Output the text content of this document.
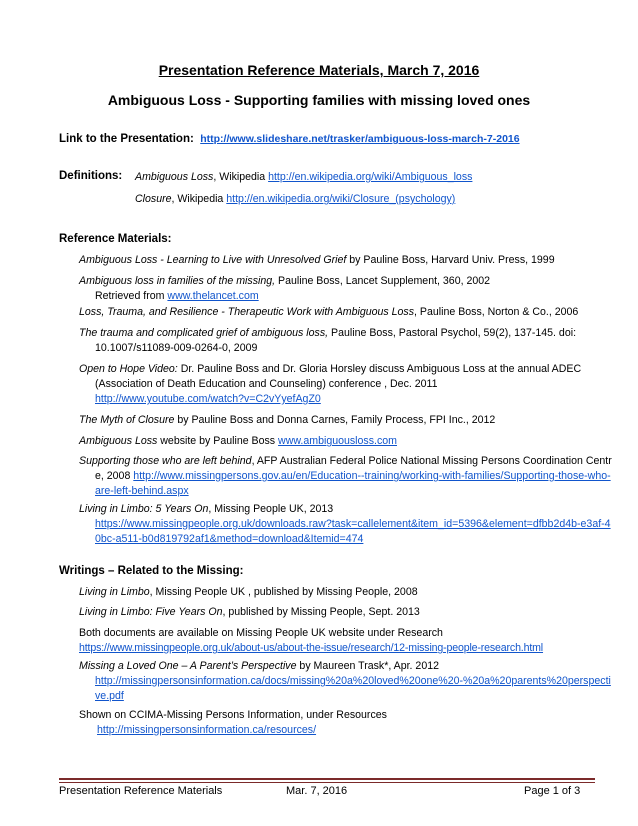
Presentation Reference Materials, March 7, 2016
Ambiguous Loss - Supporting families with missing loved ones
Link to the Presentation: http://www.slideshare.net/trasker/ambiguous-loss-march-7-2016
Definitions: Ambiguous Loss, Wikipedia http://en.wikipedia.org/wiki/Ambiguous_loss
Closure, Wikipedia http://en.wikipedia.org/wiki/Closure_(psychology)
Reference Materials:
Ambiguous Loss - Learning to Live with Unresolved Grief by Pauline Boss, Harvard Univ. Press, 1999
Ambiguous loss in families of the missing, Pauline Boss, Lancet Supplement, 360, 2002
Retrieved from www.thelancet.com
Loss, Trauma, and Resilience - Therapeutic Work with Ambiguous Loss, Pauline Boss, Norton & Co., 2006
The trauma and complicated grief of ambiguous loss, Pauline Boss, Pastoral Psychol, 59(2), 137-145. doi: 10.1007/s11089-009-0264-0, 2009
Open to Hope Video: Dr. Pauline Boss and Dr. Gloria Horsley discuss Ambiguous Loss at the annual ADEC (Association of Death Education and Counseling) conference , Dec. 2011
http://www.youtube.com/watch?v=C2vYyefAgZ0
The Myth of Closure by Pauline Boss and Donna Carnes, Family Process, FPI Inc., 2012
Ambiguous Loss website by Pauline Boss www.ambiguousloss.com
Supporting those who are left behind, AFP Australian Federal Police National Missing Persons Coordination Centre, 2008 http://www.missingpersons.gov.au/en/Education--training/working-with-families/Supporting-those-who-are-left-behind.aspx
Living in Limbo: 5 Years On, Missing People UK, 2013
https://www.missingpeople.org.uk/downloads.raw?task=callelement&item_id=5396&element=dfbb2d4b-e3af-40bc-a511-b0d819792af1&method=download&Itemid=474
Writings – Related to the Missing:
Living in Limbo, Missing People UK , published by Missing People, 2008
Living in Limbo: Five Years On, published by Missing People, Sept. 2013
Both documents are available on Missing People UK website under Research
https://www.missingpeople.org.uk/about-us/about-the-issue/research/12-missing-people-research.html
Missing a Loved One – A Parent’s Perspective by Maureen Trask*, Apr. 2012
http://missingpersonsinformation.ca/docs/missing%20a%20loved%20one%20-%20a%20parents%20perspective.pdf
Shown on CCIMA-Missing Persons Information, under Resources
http://missingpersonsinformation.ca/resources/
Presentation Reference Materials	Mar. 7, 2016	Page 1 of 3
